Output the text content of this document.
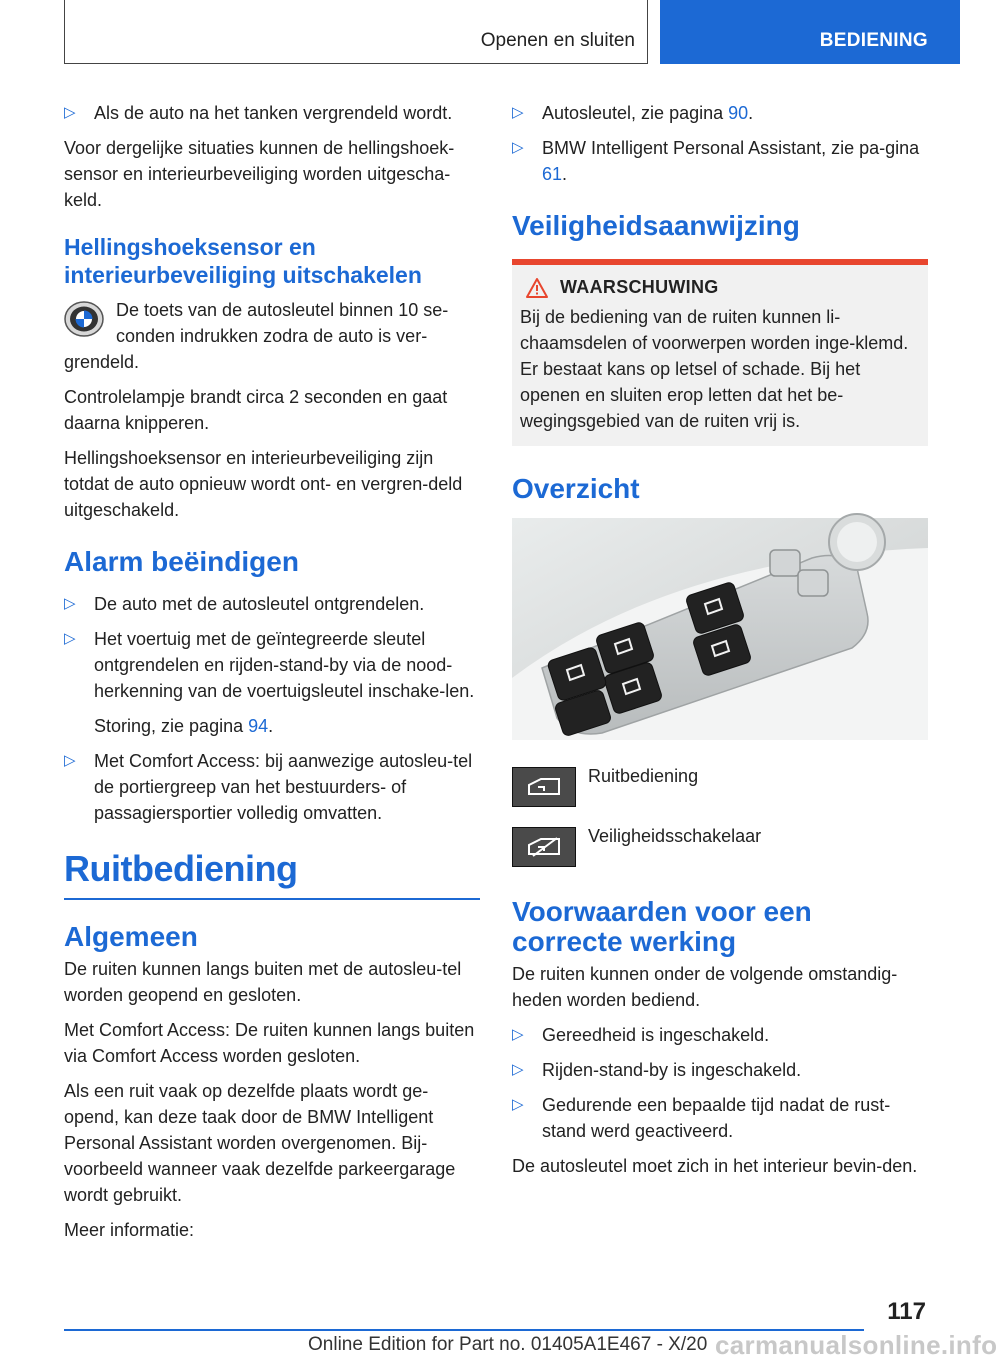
Openen en sluiten	BEDIENING
▷ Als de auto na het tanken vergrendeld wordt.

Voor dergelijke situaties kunnen de hellingshoek-sensor en interieurbeveiliging worden uitgescha-keld.

Hellingshoeksensor en interieurbeveiliging uitschakelen

De toets van de autosleutel binnen 10 se-conden indrukken zodra de auto is ver-grendeld.

Controlelampje brandt circa 2 seconden en gaat daarna knipperen.

Hellingshoeksensor en interieurbeveiliging zijn totdat de auto opnieuw wordt ont- en vergren-deld uitgeschakeld.

Alarm beëindigen
▷ De auto met de autosleutel ontgrendelen.
▷ Het voertuig met de geïntegreerde sleutel ontgrendelen en rijden-stand-by via de nood-herkenning van de voertuigsleutel inschake-len.

Storing, zie pagina 94.

▷ Met Comfort Access: bij aanwezige autosleu-tel de portiergreep van het bestuurders- of passagiersportier volledig omvatten.
Ruitbediening
Algemeen

De ruiten kunnen langs buiten met de autosleu-tel worden geopend en gesloten.

Met Comfort Access: De ruiten kunnen langs buiten via Comfort Access worden gesloten.

Als een ruit vaak op dezelfde plaats wordt ge-opend, kan deze taak door de BMW Intelligent Personal Assistant worden overgenomen. Bij-voorbeeld wanneer vaak dezelfde parkeergarage wordt gebruikt.

Meer informatie:

▷ Autosleutel, zie pagina 90.
▷ BMW Intelligent Personal Assistant, zie pa-gina 61.
Veiligheidsaanwijzing
WAARSCHUWING

Bij de bediening van de ruiten kunnen li-chaamsdelen of voorwerpen worden inge-klemd. Er bestaat kans op letsel of schade. Bij het openen en sluiten erop letten dat het be-wegingsgebied van de ruiten vrij is.

Overzicht
Ruitbediening
Veiligheidsschakelaar
Voorwaarden voor een correcte werking

De ruiten kunnen onder de volgende omstandig-heden worden bediend.

▷ Gereedheid is ingeschakeld.
▷ Rijden-stand-by is ingeschakeld.
▷ Gedurende een bepaalde tijd nadat de rust-stand werd geactiveerd.

De autosleutel moet zich in het interieur bevin-den.

117
Online Edition for Part no. 01405A1E467 - X/20 carmanualsonline.info
